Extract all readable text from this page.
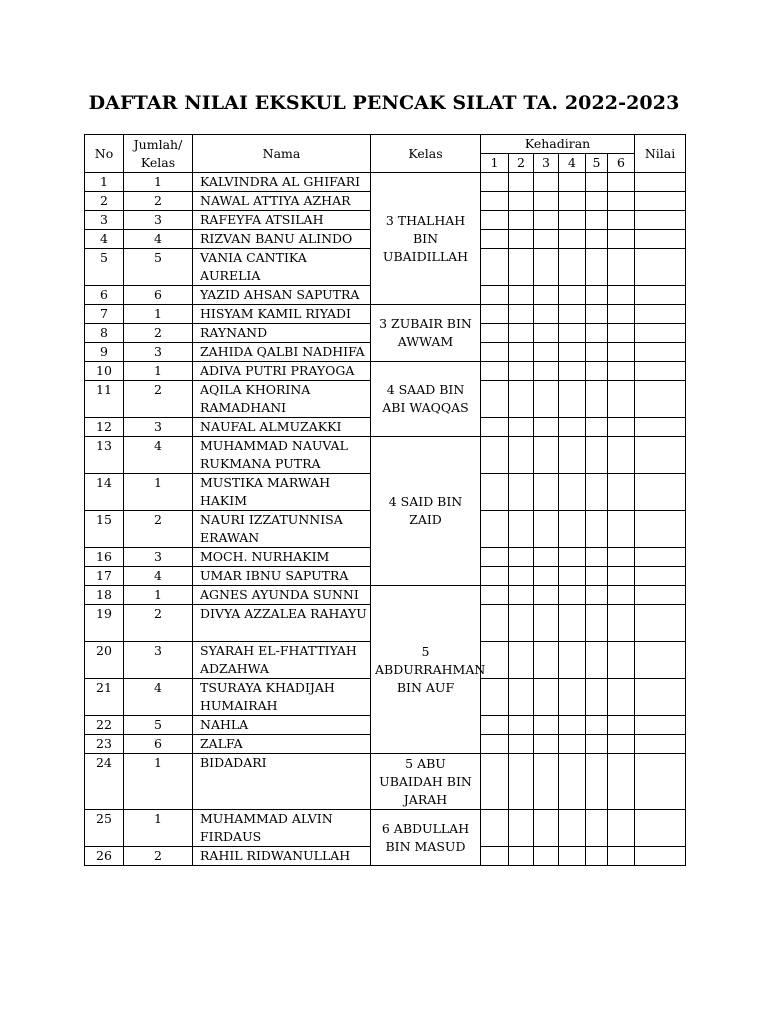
DAFTAR NILAI EKSKUL PENCAK SILAT TA. 2022-2023
No	Jumlah/ Kelas	Nama	Kelas	Kehadiran						Nilai
				1	2	3	4	5	6	
1	1	KALVINDRA AL GHIFARI	3 THALHAH BIN UBAIDILLAH							
2	2	NAWAL ATTIYA AZHAR								
3	3	RAFEYFA ATSILAH								
4	4	RIZVAN BANU ALINDO								
5	5	VANIA CANTIKA AURELIA								
6	6	YAZID AHSAN SAPUTRA								
7	1	HISYAM KAMIL RIYADI	3 ZUBAIR BIN AWWAM							
8	2	RAYNAND								
9	3	ZAHIDA QALBI NADHIFA								
10	1	ADIVA PUTRI PRAYOGA	4 SAAD BIN ABI WAQQAS							
11	2	AQILA KHORINA RAMADHANI								
12	3	NAUFAL ALMUZAKKI								
13	4	MUHAMMAD NAUVAL RUKMANA PUTRA	4 SAID BIN ZAID							
14	1	MUSTIKA MARWAH HAKIM								
15	2	NAURI IZZATUNNISA ERAWAN								
16	3	MOCH. NURHAKIM								
17	4	UMAR IBNU SAPUTRA								
18	1	AGNES AYUNDA SUNNI	5 ABDURRAHMAN BIN AUF							
19	2	DIVYA AZZALEA RAHAYU								
20	3	SYARAH EL-FHATTIYAH ADZAHWA								
21	4	TSURAYA KHADIJAH HUMAIRAH								
22	5	NAHLA								
23	6	ZALFA								
24	1	BIDADARI	5 ABU UBAIDAH BIN JARAH							
25	1	MUHAMMAD ALVIN FIRDAUS	6 ABDULLAH BIN MASUD							
26	2	RAHIL RIDWANULLAH								
